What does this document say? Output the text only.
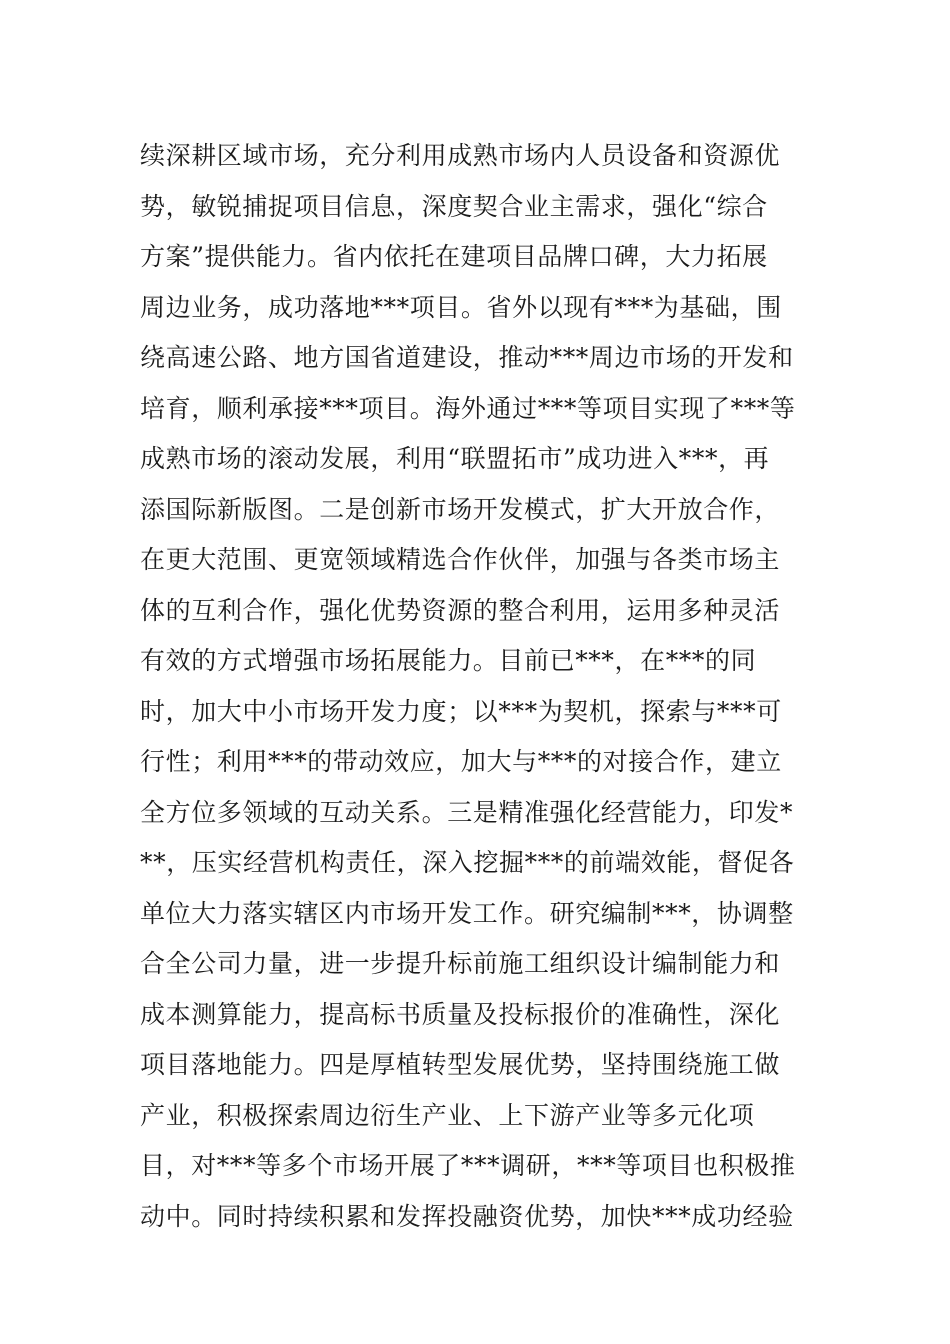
续深耕区域市场，充分利用成熟市场内人员设备和资源优
势，敏锐捕捉项目信息，深度契合业主需求，强化“综合
方案”提供能力。省内依托在建项目品牌口碑，大力拓展
周边业务，成功落地***项目。省外以现有***为基础，围
绕高速公路、地方国省道建设，推动***周边市场的开发和
培育，顺利承接***项目。海外通过***等项目实现了***等
成熟市场的滚动发展，利用“联盟拓市”成功进入***，再
添国际新版图。二是创新市场开发模式，扩大开放合作，
在更大范围、更宽领域精选合作伙伴，加强与各类市场主
体的互利合作，强化优势资源的整合利用，运用多种灵活
有效的方式增强市场拓展能力。目前已***，在***的同
时，加大中小市场开发力度；以***为契机，探索与***可
行性；利用***的带动效应，加大与***的对接合作，建立
全方位多领域的互动关系。三是精准强化经营能力，印发*
**，压实经营机构责任，深入挖掘***的前端效能，督促各
单位大力落实辖区内市场开发工作。研究编制***，协调整
合全公司力量，进一步提升标前施工组织设计编制能力和
成本测算能力，提高标书质量及投标报价的准确性，深化
项目落地能力。四是厚植转型发展优势，坚持围绕施工做
产业，积极探索周边衍生产业、上下游产业等多元化项
目，对***等多个市场开展了***调研，***等项目也积极推
动中。同时持续积累和发挥投融资优势，加快***成功经验
